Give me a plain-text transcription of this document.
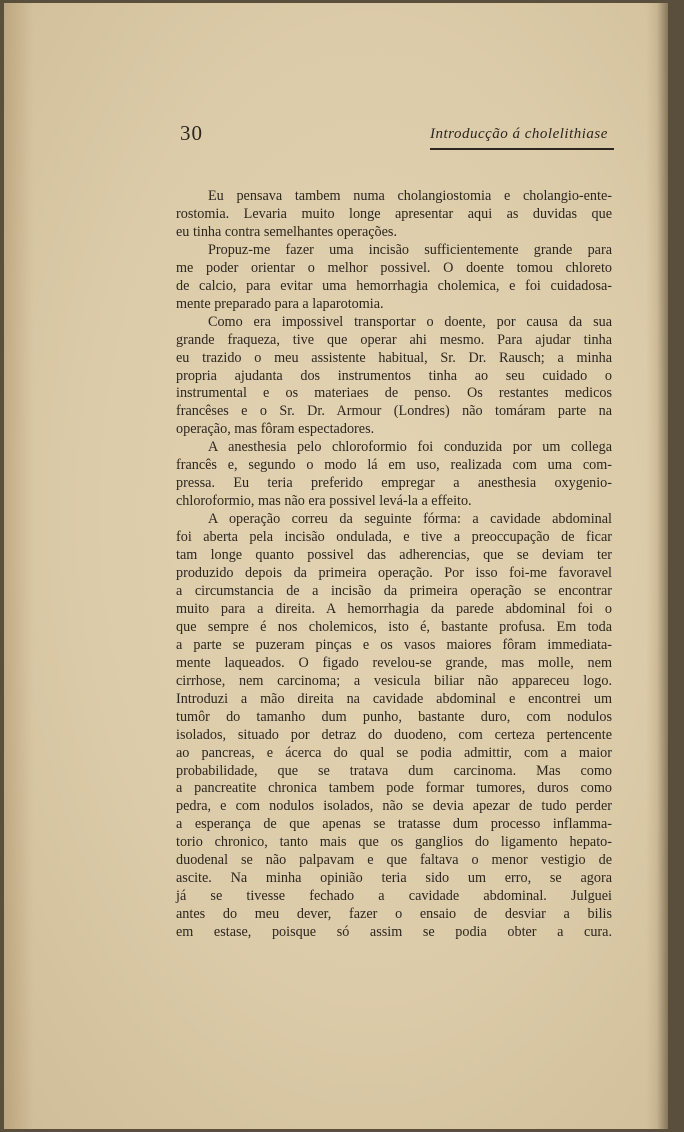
30	Introducção á cholelithiase
Eu pensava tambem numa cholangiostomia e cholangio-ente-
rostomia. Levaria muito longe apresentar aqui as duvidas que
eu tinha contra semelhantes operações.
Propuz-me fazer uma incisão sufficientemente grande para
me poder orientar o melhor possivel. O doente tomou chloreto
de calcio, para evitar uma hemorrhagia cholemica, e foi cuidadosa-
mente preparado para a laparotomia.
Como era impossivel transportar o doente, por causa da sua
grande fraqueza, tive que operar ahi mesmo. Para ajudar tinha
eu trazido o meu assistente habitual, Sr. Dr. Rausch; a minha
propria ajudanta dos instrumentos tinha ao seu cuidado o
instrumental e os materiaes de penso. Os restantes medicos
francêses e o Sr. Dr. Armour (Londres) não tomáram parte na
operação, mas fôram espectadores.
A anesthesia pelo chloroformio foi conduzida por um collega
francês e, segundo o modo lá em uso, realizada com uma com-
pressa. Eu teria preferido empregar a anesthesia oxygenio-
chloroformio, mas não era possivel levá-la a effeito.
A operação correu da seguinte fórma: a cavidade abdominal
foi aberta pela incisão ondulada, e tive a preoccupação de ficar
tam longe quanto possivel das adherencias, que se deviam ter
produzido depois da primeira operação. Por isso foi-me favoravel
a circumstancia de a incisão da primeira operação se encontrar
muito para a direita. A hemorrhagia da parede abdominal foi o
que sempre é nos cholemicos, isto é, bastante profusa. Em toda
a parte se puzeram pinças e os vasos maiores fôram immediata-
mente laqueados. O figado revelou-se grande, mas molle, nem
cirrhose, nem carcinoma; a vesicula biliar não appareceu logo.
Introduzi a mão direita na cavidade abdominal e encontrei um
tumôr do tamanho dum punho, bastante duro, com nodulos
isolados, situado por detraz do duodeno, com certeza pertencente
ao pancreas, e ácerca do qual se podia admittir, com a maior
probabilidade, que se tratava dum carcinoma. Mas como
a pancreatite chronica tambem pode formar tumores, duros como
pedra, e com nodulos isolados, não se devia apezar de tudo perder
a esperança de que apenas se tratasse dum processo inflamma-
torio chronico, tanto mais que os ganglios do ligamento hepato-
duodenal se não palpavam e que faltava o menor vestigio de
ascite. Na minha opinião teria sido um erro, se agora
já se tivesse fechado a cavidade abdominal. Julguei
antes do meu dever, fazer o ensaio de desviar a bilis
em estase, poisque só assim se podia obter a cura.
